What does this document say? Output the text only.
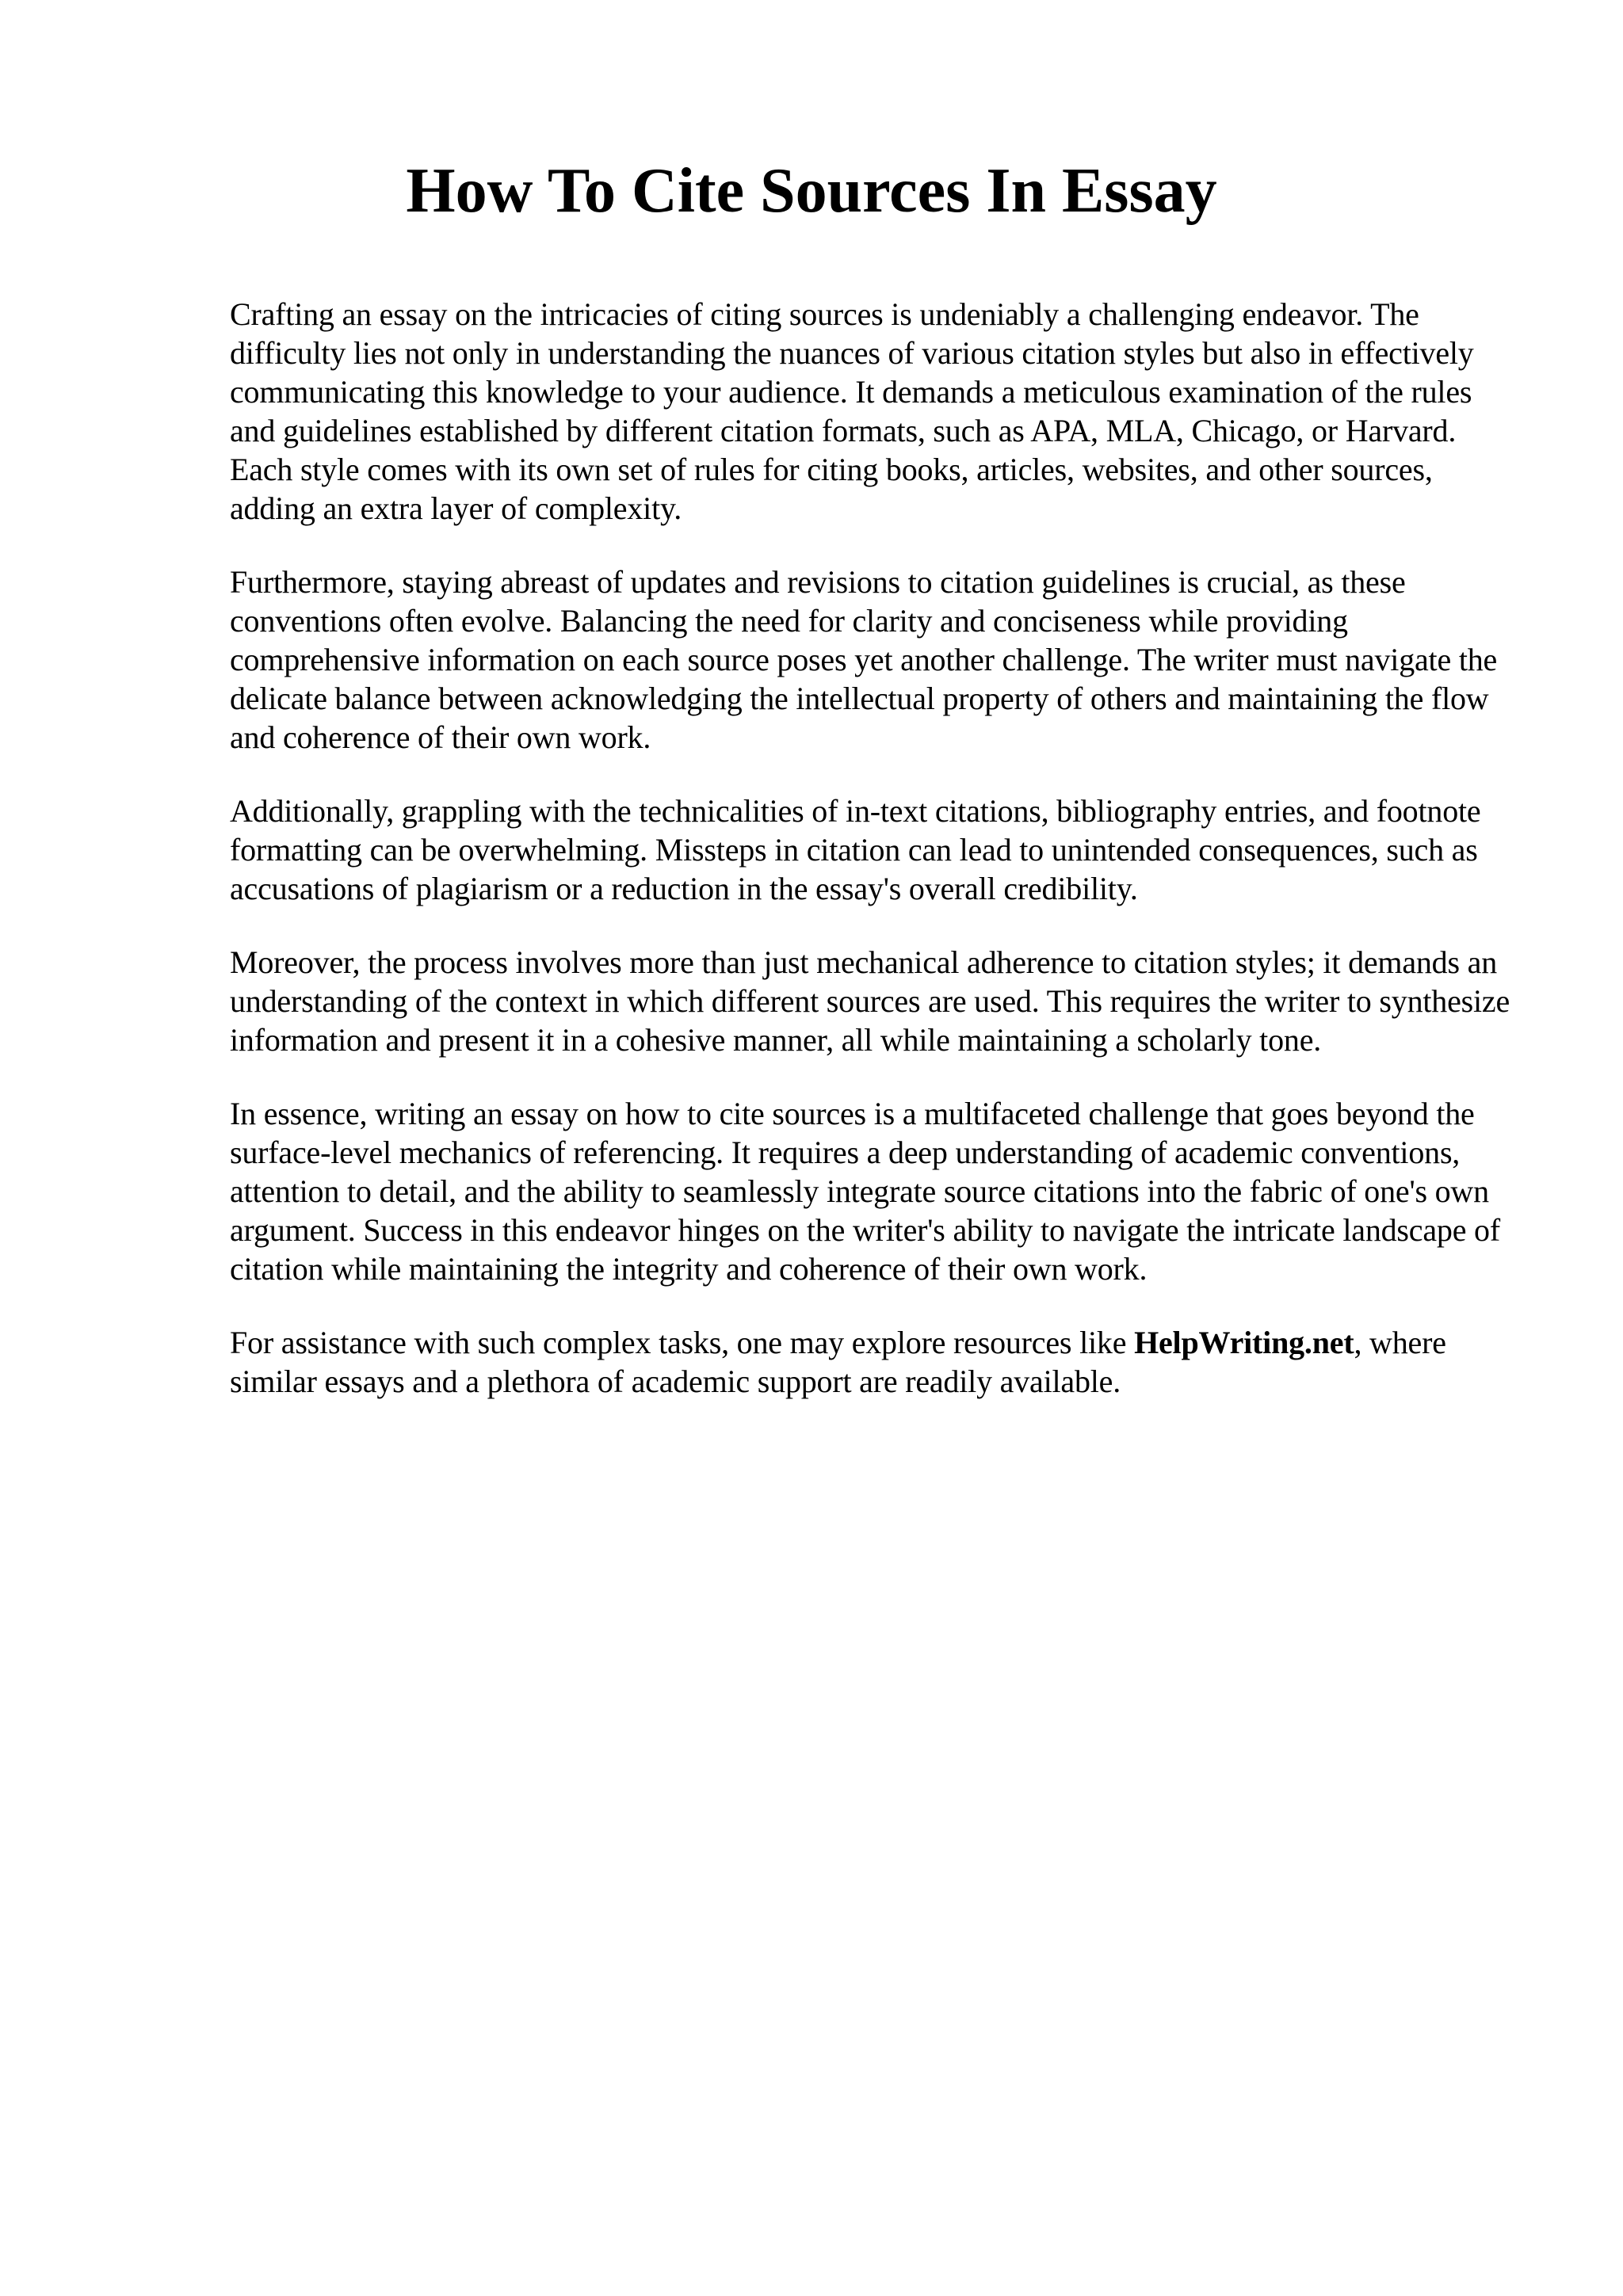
How To Cite Sources In Essay

Crafting an essay on the intricacies of citing sources is undeniably a challenging endeavor. The difficulty lies not only in understanding the nuances of various citation styles but also in effectively communicating this knowledge to your audience. It demands a meticulous examination of the rules and guidelines established by different citation formats, such as APA, MLA, Chicago, or Harvard. Each style comes with its own set of rules for citing books, articles, websites, and other sources, adding an extra layer of complexity.

Furthermore, staying abreast of updates and revisions to citation guidelines is crucial, as these conventions often evolve. Balancing the need for clarity and conciseness while providing comprehensive information on each source poses yet another challenge. The writer must navigate the delicate balance between acknowledging the intellectual property of others and maintaining the flow and coherence of their own work.

Additionally, grappling with the technicalities of in-text citations, bibliography entries, and footnote formatting can be overwhelming. Missteps in citation can lead to unintended consequences, such as accusations of plagiarism or a reduction in the essay's overall credibility.

Moreover, the process involves more than just mechanical adherence to citation styles; it demands an understanding of the context in which different sources are used. This requires the writer to synthesize information and present it in a cohesive manner, all while maintaining a scholarly tone.

In essence, writing an essay on how to cite sources is a multifaceted challenge that goes beyond the surface-level mechanics of referencing. It requires a deep understanding of academic conventions, attention to detail, and the ability to seamlessly integrate source citations into the fabric of one's own argument. Success in this endeavor hinges on the writer's ability to navigate the intricate landscape of citation while maintaining the integrity and coherence of their own work.

For assistance with such complex tasks, one may explore resources like HelpWriting.net, where similar essays and a plethora of academic support are readily available.
